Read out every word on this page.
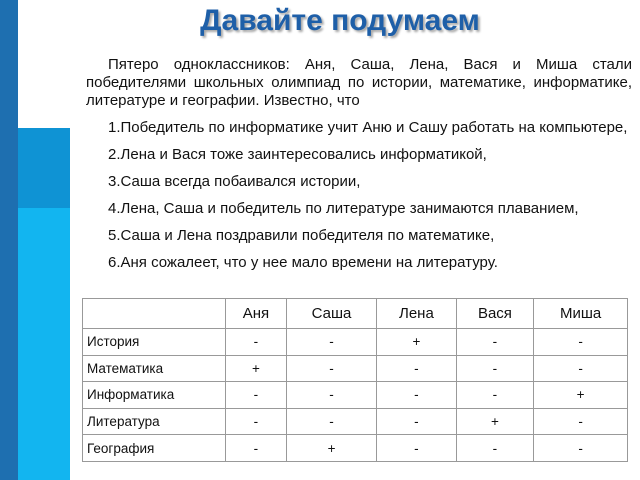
Давайте подумаем

Пятеро одноклассников: Аня, Саша, Лена, Вася и Миша стали победителями школьных олимпиад по истории, математике, информатике, литературе и географии. Известно, что

1.Победитель по информатике учит Аню и Сашу работать на компьютере,

2.Лена и Вася тоже заинтересовались информатикой,

3.Саша всегда побаивался истории,

4.Лена, Саша и победитель по литературе занимаются плаванием,

5.Саша и Лена поздравили победителя по математике,

6.Аня сожалеет, что у нее мало времени на литературу.

	Аня	Саша	Лена	Вася	Миша
История	-	-	+	-	-
Математика	+	-	-	-	-
Информатика	-	-	-	-	+
Литература	-	-	-	+	-
География	-	+	-	-	-
